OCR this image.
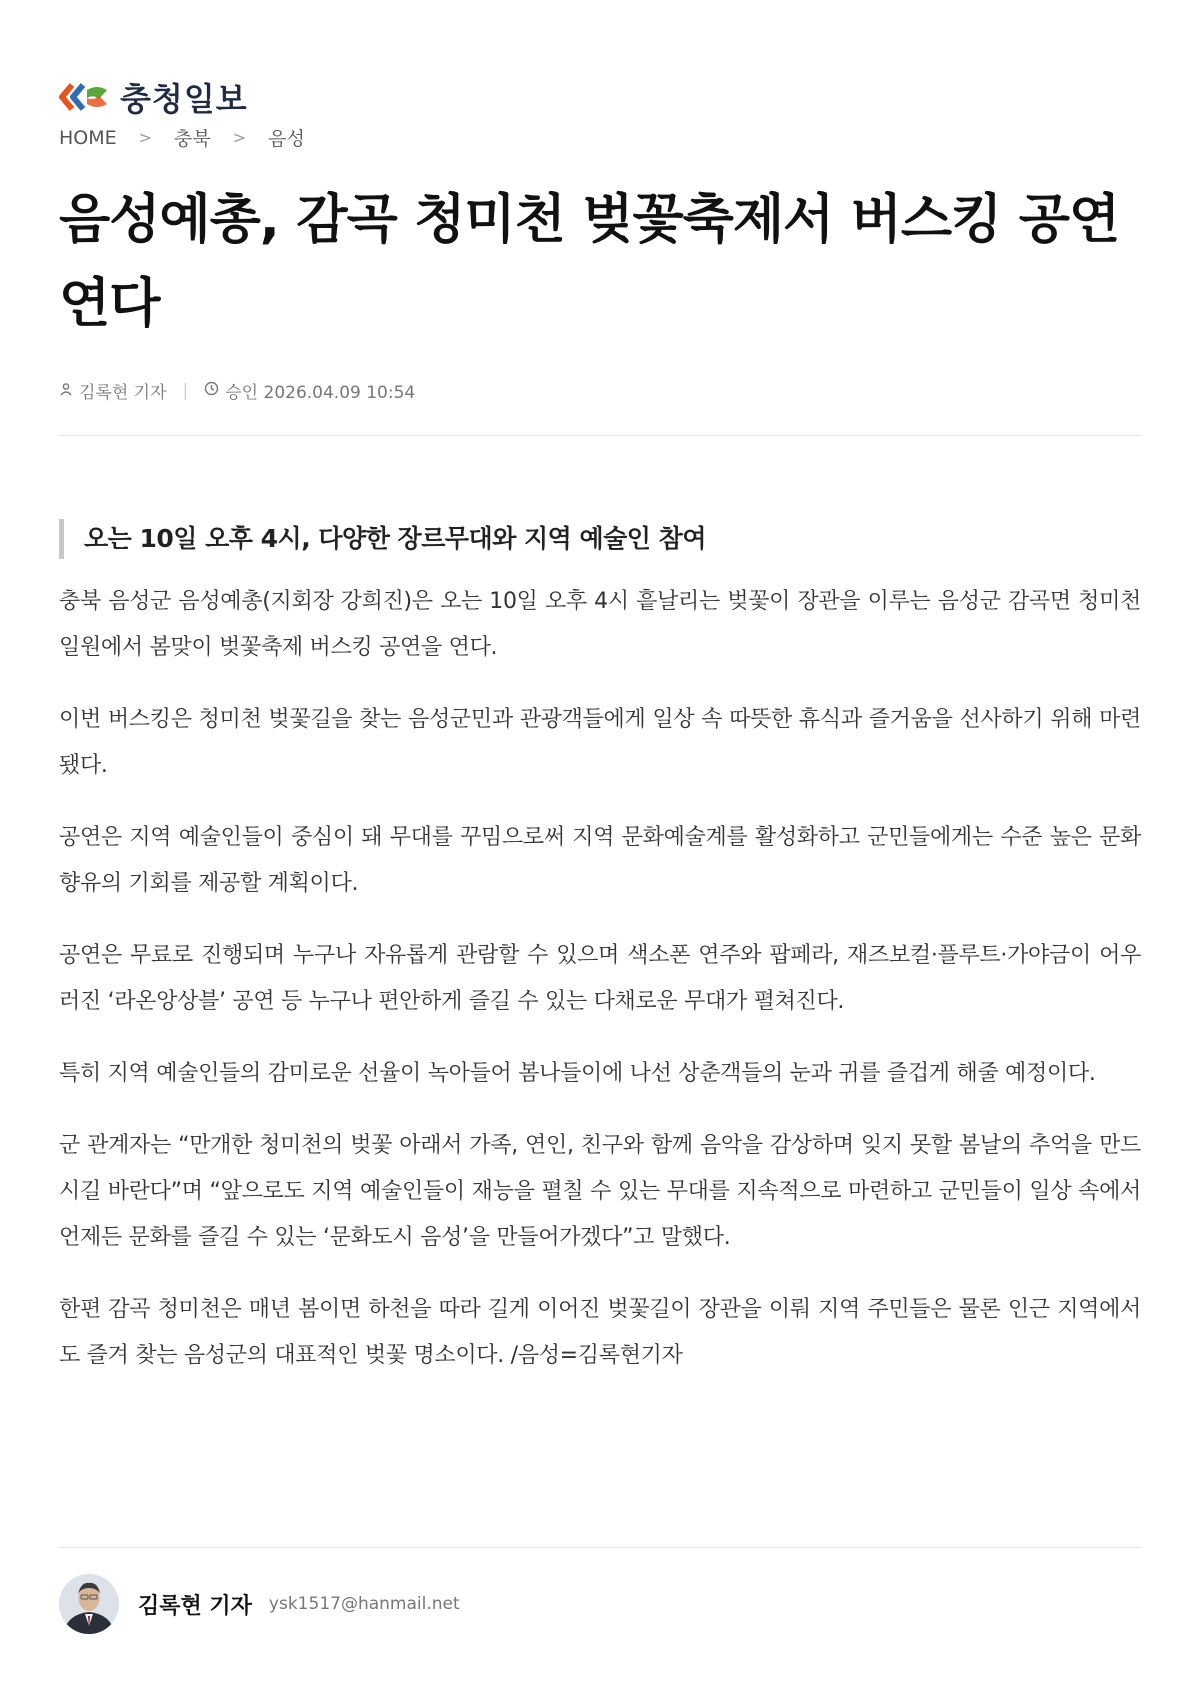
충청일보
HOME > 충북 > 음성
음성예총, 감곡 청미천 벚꽃축제서 버스킹 공연 연다
김록현 기자 | 승인 2026.04.09 10:54
오는 10일 오후 4시, 다양한 장르무대와 지역 예술인 참여

충북 음성군 음성예총(지회장 강희진)은 오는 10일 오후 4시 흩날리는 벚꽃이 장관을 이루는 음성군 감곡면 청미천 일원에서 봄맞이 벚꽃축제 버스킹 공연을 연다.

이번 버스킹은 청미천 벚꽃길을 찾는 음성군민과 관광객들에게 일상 속 따뜻한 휴식과 즐거움을 선사하기 위해 마련됐다.

공연은 지역 예술인들이 중심이 돼 무대를 꾸밈으로써 지역 문화예술계를 활성화하고 군민들에게는 수준 높은 문화 향유의 기회를 제공할 계획이다.

공연은 무료로 진행되며 누구나 자유롭게 관람할 수 있으며 색소폰 연주와 팝페라, 재즈보컬·플루트·가야금이 어우러진 ‘라온앙상블’ 공연 등 누구나 편안하게 즐길 수 있는 다채로운 무대가 펼쳐진다.

특히 지역 예술인들의 감미로운 선율이 녹아들어 봄나들이에 나선 상춘객들의 눈과 귀를 즐겁게 해줄 예정이다.

군 관계자는 “만개한 청미천의 벚꽃 아래서 가족, 연인, 친구와 함께 음악을 감상하며 잊지 못할 봄날의 추억을 만드시길 바란다”며 “앞으로도 지역 예술인들이 재능을 펼칠 수 있는 무대를 지속적으로 마련하고 군민들이 일상 속에서 언제든 문화를 즐길 수 있는 ‘문화도시 음성’을 만들어가겠다”고 말했다.

한편 감곡 청미천은 매년 봄이면 하천을 따라 길게 이어진 벚꽃길이 장관을 이뤄 지역 주민들은 물론 인근 지역에서도 즐겨 찾는 음성군의 대표적인 벚꽃 명소이다. /음성=김록현기자

김록현 기자 ysk1517@hanmail.net
